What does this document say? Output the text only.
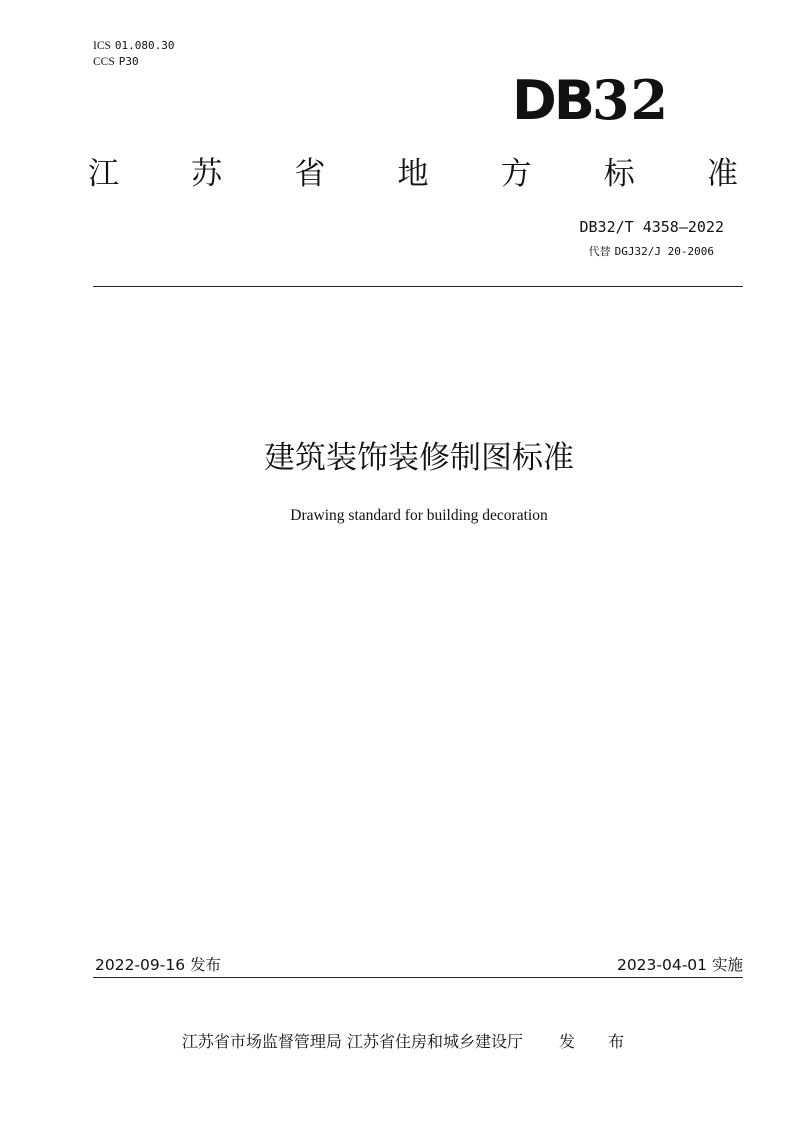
ICS 01.080.30
CCS P30
DB32
江 苏 省 地 方 标 准
DB32/T 4358—2022
代替 DGJ32/J 20-2006
建筑装饰装修制图标准
Drawing standard for building decoration
2022-09-16 发布	2023-04-01 实施
江苏省市场监督管理局 江苏省住房和城乡建设厅 发 布
